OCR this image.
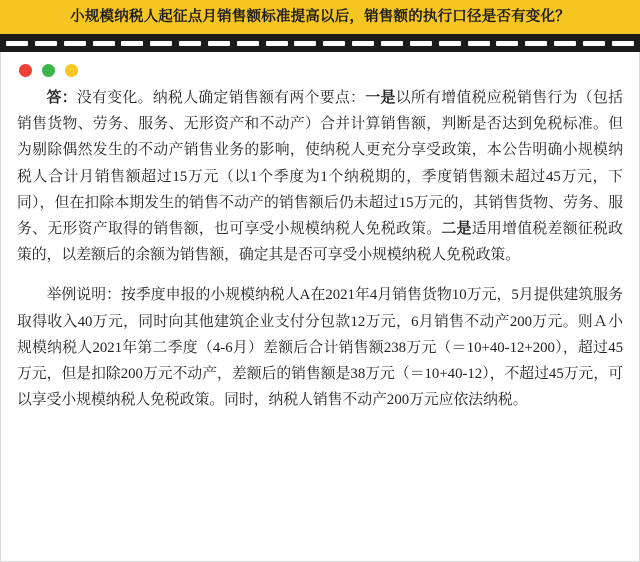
小规模纳税人起征点月销售额标准提高以后，销售额的执行口径是否有变化？

答：没有变化。纳税人确定销售额有两个要点：一是以所有增值税应税销售行为（包括销售货物、劳务、服务、无形资产和不动产）合并计算销售额，判断是否达到免税标准。但为剔除偶然发生的不动产销售业务的影响，使纳税人更充分享受政策，本公告明确小规模纳税人合计月销售额超过15万元（以1个季度为1个纳税期的，季度销售额未超过45万元，下同），但在扣除本期发生的销售不动产的销售额后仍未超过15万元的，其销售货物、劳务、服务、无形资产取得的销售额，也可享受小规模纳税人免税政策。二是适用增值税差额征税政策的，以差额后的余额为销售额，确定其是否可享受小规模纳税人免税政策。

举例说明：按季度申报的小规模纳税人A在2021年4月销售货物10万元，5月提供建筑服务取得收入40万元，同时向其他建筑企业支付分包款12万元，6月销售不动产200万元。则Ａ小规模纳税人2021年第二季度（4-6月）差额后合计销售额238万元（＝10+40-12+200），超过45万元，但是扣除200万元不动产，差额后的销售额是38万元（＝10+40-12），不超过45万元，可以享受小规模纳税人免税政策。同时，纳税人销售不动产200万元应依法纳税。
